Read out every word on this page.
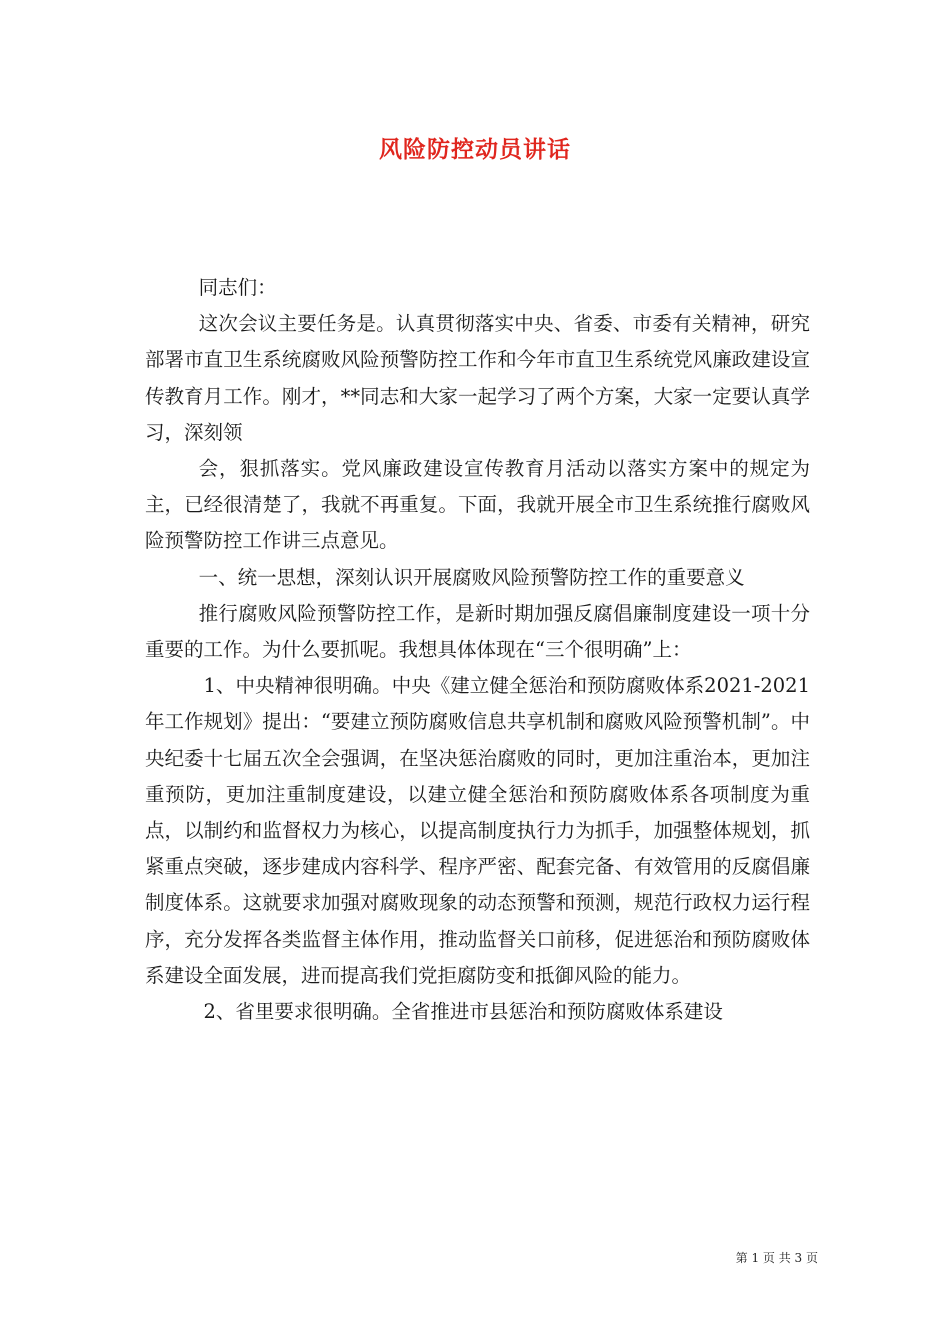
风险防控动员讲话

同志们：

这次会议主要任务是。认真贯彻落实中央、省委、市委有关精神，研究部署市直卫生系统腐败风险预警防控工作和今年市直卫生系统党风廉政建设宣传教育月工作。刚才，**同志和大家一起学习了两个方案，大家一定要认真学习，深刻领

会，狠抓落实。党风廉政建设宣传教育月活动以落实方案中的规定为主，已经很清楚了，我就不再重复。下面，我就开展全市卫生系统推行腐败风险预警防控工作讲三点意见。

一、统一思想，深刻认识开展腐败风险预警防控工作的重要意义

推行腐败风险预警防控工作，是新时期加强反腐倡廉制度建设一项十分重要的工作。为什么要抓呢。我想具体体现在“三个很明确”上：

1、中央精神很明确。中央《建立健全惩治和预防腐败体系2021-2021年工作规划》提出：“要建立预防腐败信息共享机制和腐败风险预警机制”。中央纪委十七届五次全会强调，在坚决惩治腐败的同时，更加注重治本，更加注重预防，更加注重制度建设，以建立健全惩治和预防腐败体系各项制度为重点，以制约和监督权力为核心，以提高制度执行力为抓手，加强整体规划，抓紧重点突破，逐步建成内容科学、程序严密、配套完备、有效管用的反腐倡廉制度体系。这就要求加强对腐败现象的动态预警和预测，规范行政权力运行程序，充分发挥各类监督主体作用，推动监督关口前移，促进惩治和预防腐败体系建设全面发展，进而提高我们党拒腐防变和抵御风险的能力。

2、省里要求很明确。全省推进市县惩治和预防腐败体系建设

第 1 页 共 3 页
